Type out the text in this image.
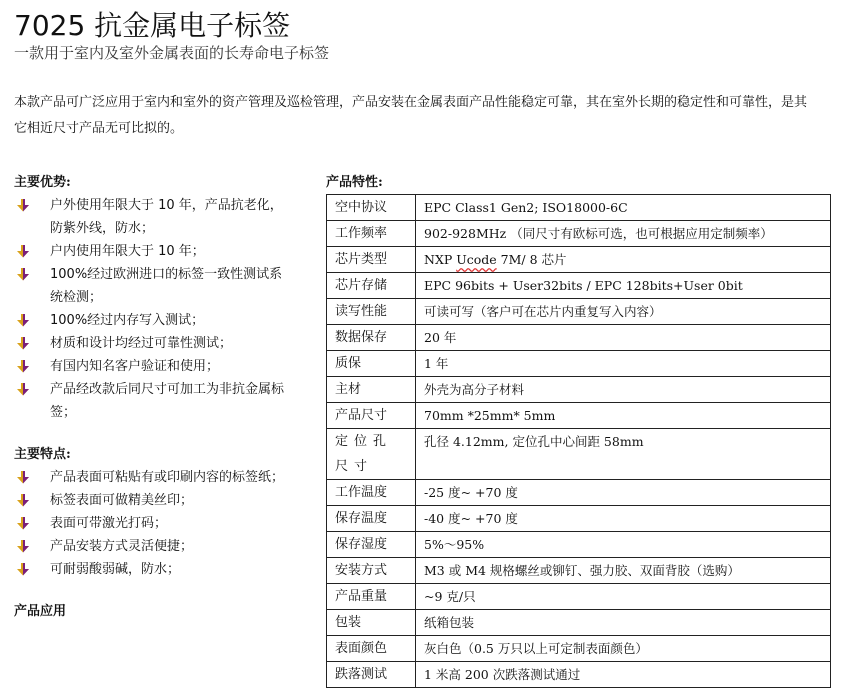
7025 抗金属电子标签
一款用于室内及室外金属表面的长寿命电子标签
本款产品可广泛应用于室内和室外的资产管理及巡检管理，产品安装在金属表面产品性能稳定可靠，其在室外长期的稳定性和可靠性，是其它相近尺寸产品无可比拟的。
主要优势:
户外使用年限大于 10 年，产品抗老化，防紫外线，防水；
户内使用年限大于 10 年；
100%经过欧洲进口的标签一致性测试系统检测；
100%经过内存写入测试；
材质和设计均经过可靠性测试；
有国内知名客户验证和使用；
产品经改款后同尺寸可加工为非抗金属标签；
主要特点:
产品表面可粘贴有或印刷内容的标签纸；
标签表面可做精美丝印；
表面可带激光打码；
产品安装方式灵活便捷；
可耐弱酸弱碱，防水；
产品应用
产品特性:
空中协议	EPC Class1 Gen2; ISO18000-6C
工作频率	902-928MHz （同尺寸有欧标可选，也可根据应用定制频率）
芯片类型	NXP Ucode 7M/ 8 芯片
芯片存储	EPC 96bits + User32bits / EPC 128bits+User 0bit
读写性能	可读可写（客户可在芯片内重复写入内容）
数据保存	20 年
质保	1 年
主材	外壳为高分子材料
产品尺寸	70mm *25mm* 5mm
定位孔尺寸	孔径 4.12mm, 定位孔中心间距 58mm
工作温度	-25 度~ +70 度
保存温度	-40 度~ +70 度
保存湿度	5%～95%
安装方式	M3 或 M4 规格螺丝或铆钉、强力胶、双面背胶（选购）
产品重量	~9 克/只
包装	纸箱包装
表面颜色	灰白色（0.5 万只以上可定制表面颜色）
跌落测试	1 米高 200 次跌落测试通过
